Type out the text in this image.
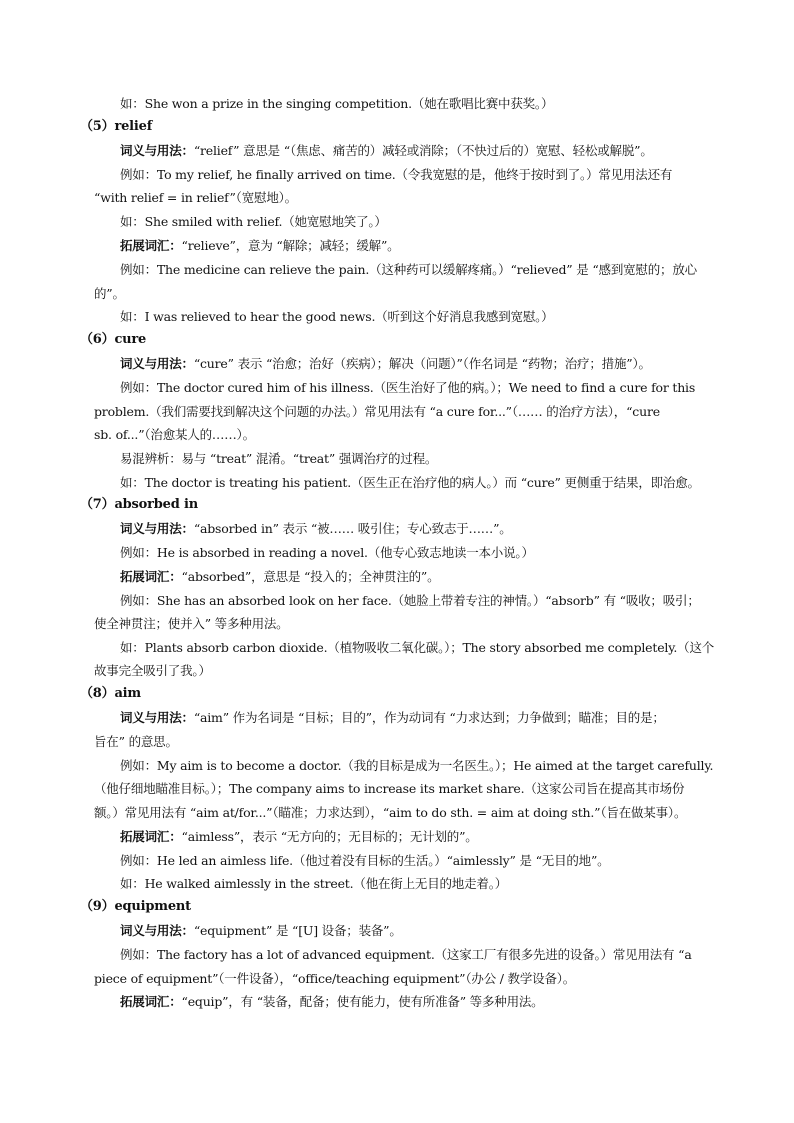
如：She won a prize in the singing competition.（她在歌唱比赛中获奖。）
（5）relief
词义与用法：“relief” 意思是 “（焦虑、痛苦的）减轻或消除；（不快过后的）宽慰、轻松或解脱”。
例如：To my relief, he finally arrived on time.（令我宽慰的是，他终于按时到了。）常见用法还有
“with relief = in relief”（宽慰地）。
如：She smiled with relief.（她宽慰地笑了。）
拓展词汇：“relieve”，意为 “解除；减轻；缓解”。
例如：The medicine can relieve the pain.（这种药可以缓解疼痛。）“relieved” 是 “感到宽慰的；放心
的”。
如：I was relieved to hear the good news.（听到这个好消息我感到宽慰。）
（6）cure
词义与用法：“cure” 表示 “治愈；治好（疾病）；解决（问题）”（作名词是 “药物；治疗；措施”）。
例如：The doctor cured him of his illness.（医生治好了他的病。）；We need to find a cure for this
problem.（我们需要找到解决这个问题的办法。）常见用法有 “a cure for...”（…… 的治疗方法），“cure
sb. of...”（治愈某人的……）。
易混辨析：易与 “treat” 混淆。“treat” 强调治疗的过程。
如：The doctor is treating his patient.（医生正在治疗他的病人。）而 “cure” 更侧重于结果，即治愈。
（7）absorbed in
词义与用法：“absorbed in” 表示 “被…… 吸引住；专心致志于……”。
例如：He is absorbed in reading a novel.（他专心致志地读一本小说。）
拓展词汇：“absorbed”，意思是 “投入的；全神贯注的”。
例如：She has an absorbed look on her face.（她脸上带着专注的神情。）“absorb” 有 “吸收；吸引；
使全神贯注；使并入” 等多种用法。
如：Plants absorb carbon dioxide.（植物吸收二氧化碳。）；The story absorbed me completely.（这个
故事完全吸引了我。）
（8）aim
词义与用法：“aim” 作为名词是 “目标；目的”，作为动词有 “力求达到；力争做到；瞄准；目的是；
旨在” 的意思。
例如：My aim is to become a doctor.（我的目标是成为一名医生。）；He aimed at the target carefully.
（他仔细地瞄准目标。）；The company aims to increase its market share.（这家公司旨在提高其市场份
额。）常见用法有 “aim at/for...”（瞄准；力求达到），“aim to do sth. = aim at doing sth.”（旨在做某事）。
拓展词汇：“aimless”，表示 “无方向的；无目标的；无计划的”。
例如：He led an aimless life.（他过着没有目标的生活。）“aimlessly” 是 “无目的地”。
如：He walked aimlessly in the street.（他在街上无目的地走着。）
（9）equipment
词义与用法：“equipment” 是 “[U] 设备；装备”。
例如：The factory has a lot of advanced equipment.（这家工厂有很多先进的设备。）常见用法有 “a
piece of equipment”（一件设备），“office/teaching equipment”（办公 / 教学设备）。
拓展词汇：“equip”，有 “装备，配备；使有能力，使有所准备” 等多种用法。
